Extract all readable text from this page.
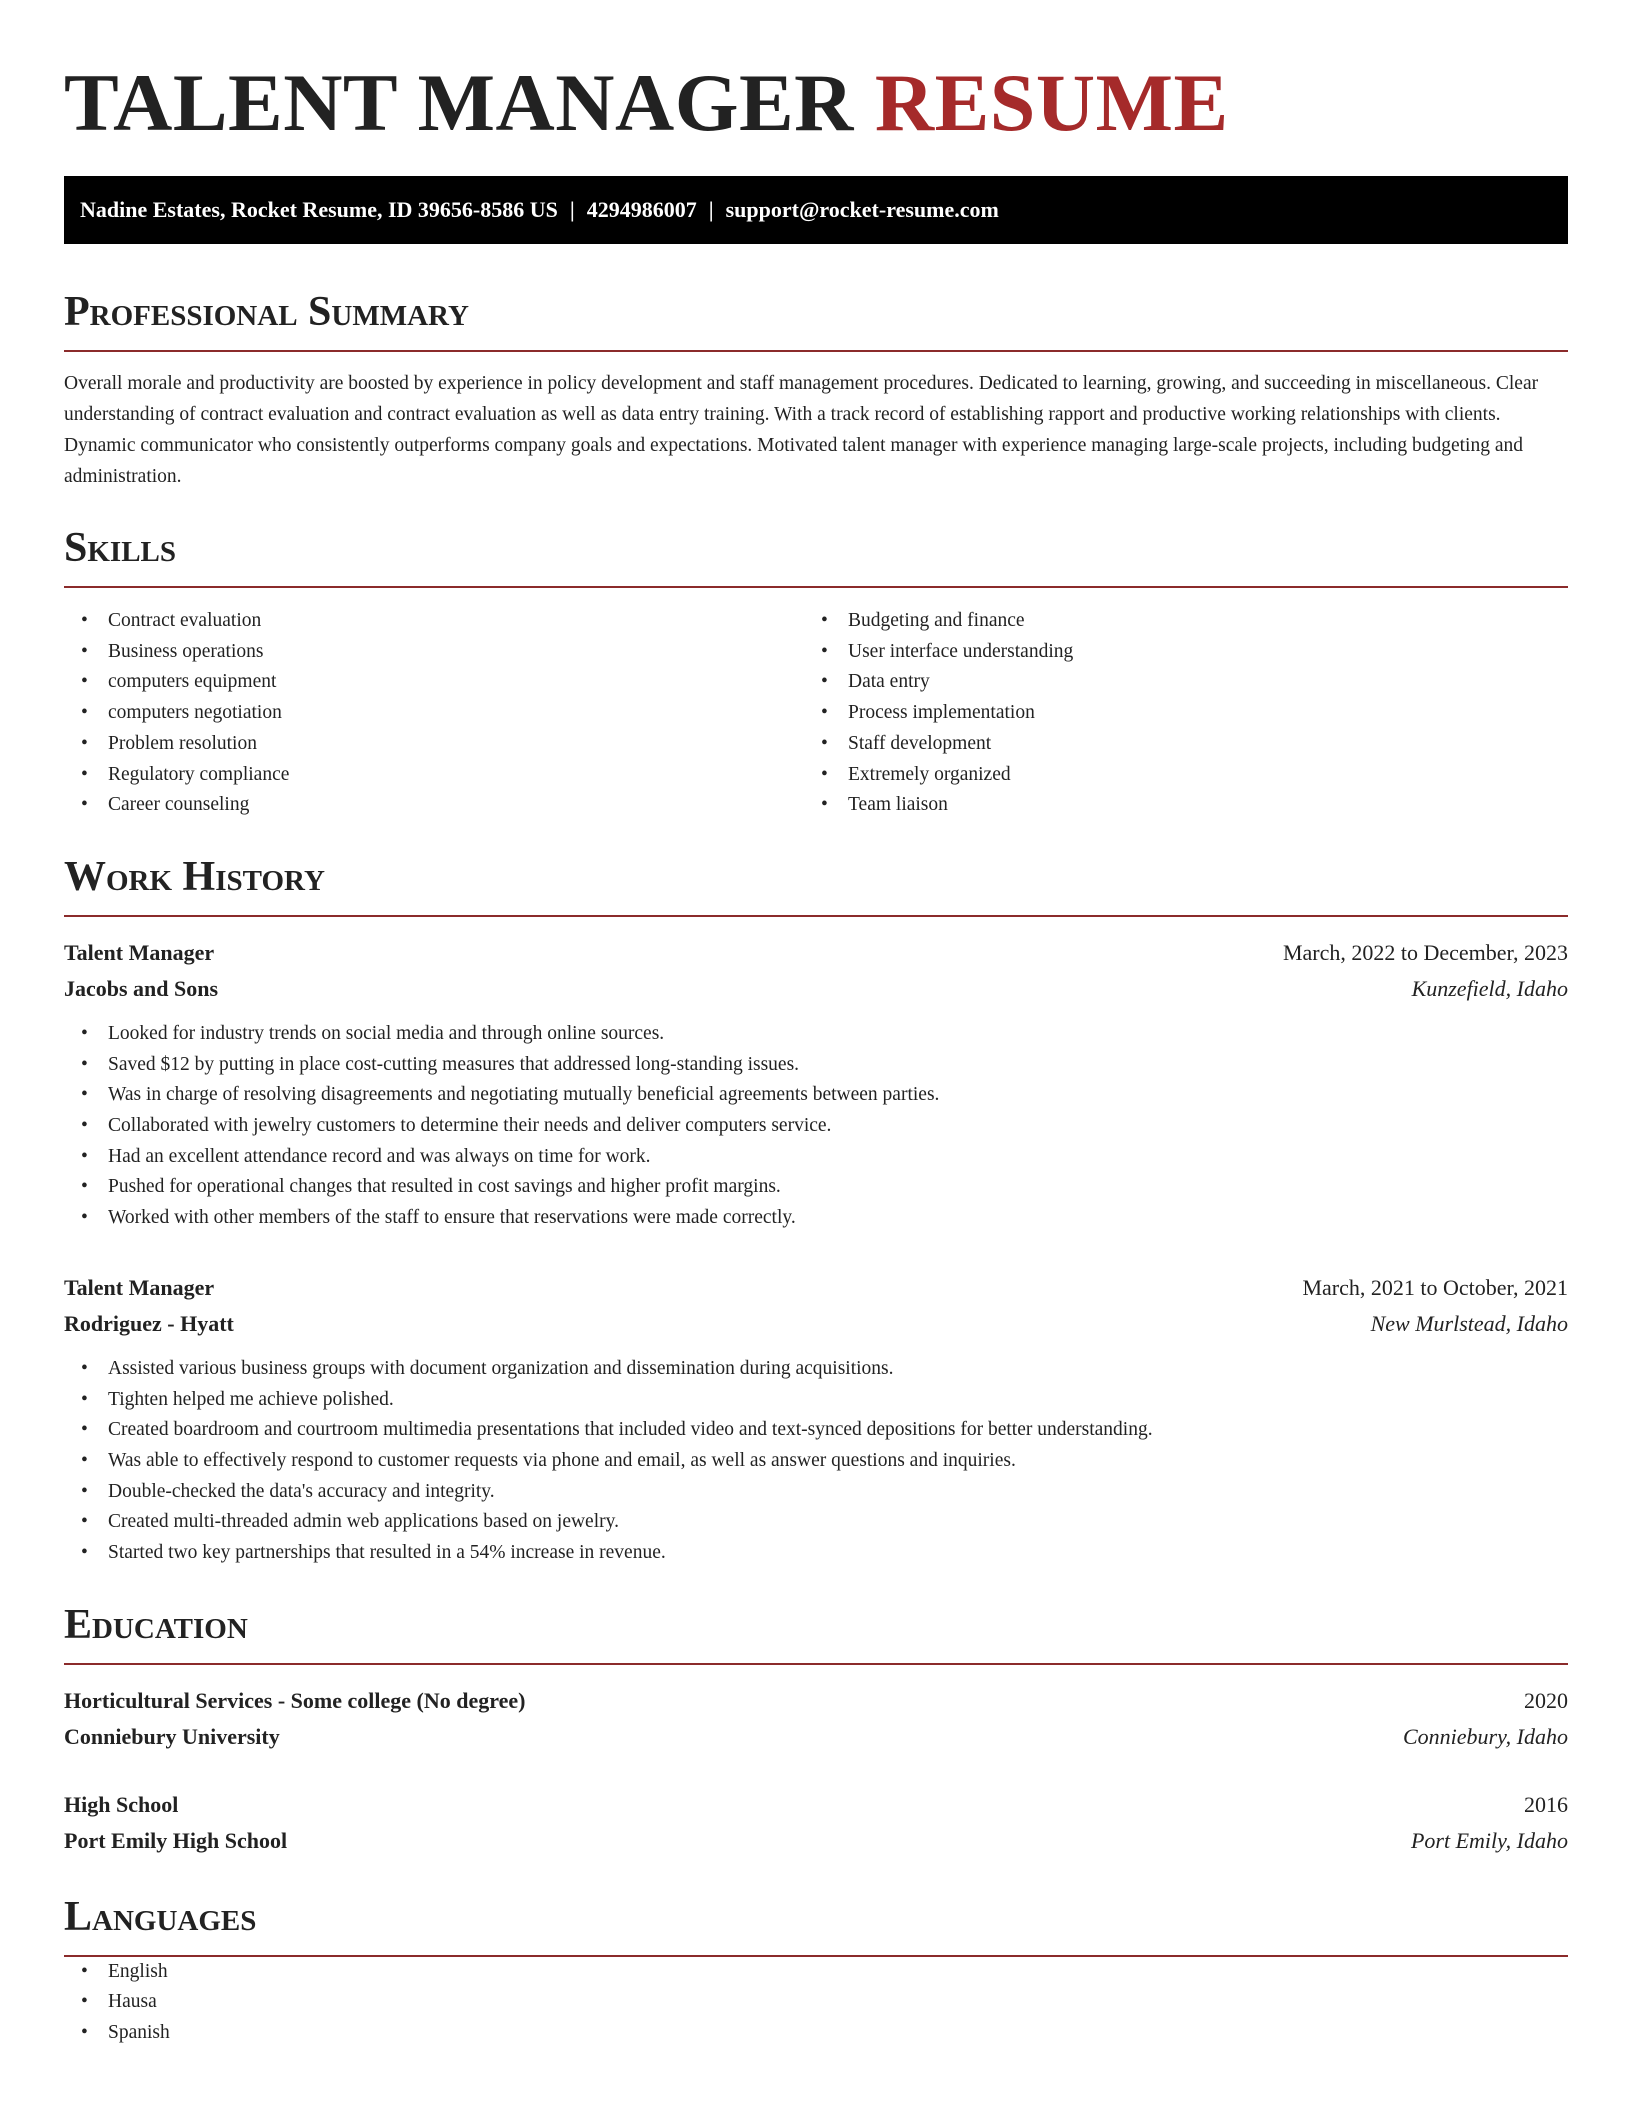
TALENT MANAGER RESUME
Nadine Estates, Rocket Resume, ID 39656-8586 US | 4294986007 | support@rocket-resume.com
Professional Summary

Overall morale and productivity are boosted by experience in policy development and staff management procedures. Dedicated to learning, growing, and succeeding in miscellaneous. Clear understanding of contract evaluation and contract evaluation as well as data entry training. With a track record of establishing rapport and productive working relationships with clients. Dynamic communicator who consistently outperforms company goals and expectations. Motivated talent manager with experience managing large-scale projects, including budgeting and administration.

Skills
• Contract evaluation
• Business operations
• computers equipment
• computers negotiation
• Problem resolution
• Regulatory compliance
• Career counseling
• Budgeting and finance
• User interface understanding
• Data entry
• Process implementation
• Staff development
• Extremely organized
• Team liaison
Work History
Talent Manager	March, 2022 to December, 2023
Jacobs and Sons	Kunzefield, Idaho
• Looked for industry trends on social media and through online sources.
• Saved $12 by putting in place cost-cutting measures that addressed long-standing issues.
• Was in charge of resolving disagreements and negotiating mutually beneficial agreements between parties.
• Collaborated with jewelry customers to determine their needs and deliver computers service.
• Had an excellent attendance record and was always on time for work.
• Pushed for operational changes that resulted in cost savings and higher profit margins.
• Worked with other members of the staff to ensure that reservations were made correctly.
Talent Manager	March, 2021 to October, 2021
Rodriguez - Hyatt	New Murlstead, Idaho
• Assisted various business groups with document organization and dissemination during acquisitions.
• Tighten helped me achieve polished.
• Created boardroom and courtroom multimedia presentations that included video and text-synced depositions for better understanding.
• Was able to effectively respond to customer requests via phone and email, as well as answer questions and inquiries.
• Double-checked the data's accuracy and integrity.
• Created multi-threaded admin web applications based on jewelry.
• Started two key partnerships that resulted in a 54% increase in revenue.
Education
Horticultural Services - Some college (No degree)	2020
Conniebury University	Conniebury, Idaho
High School	2016
Port Emily High School	Port Emily, Idaho
Languages
• English
• Hausa
• Spanish
